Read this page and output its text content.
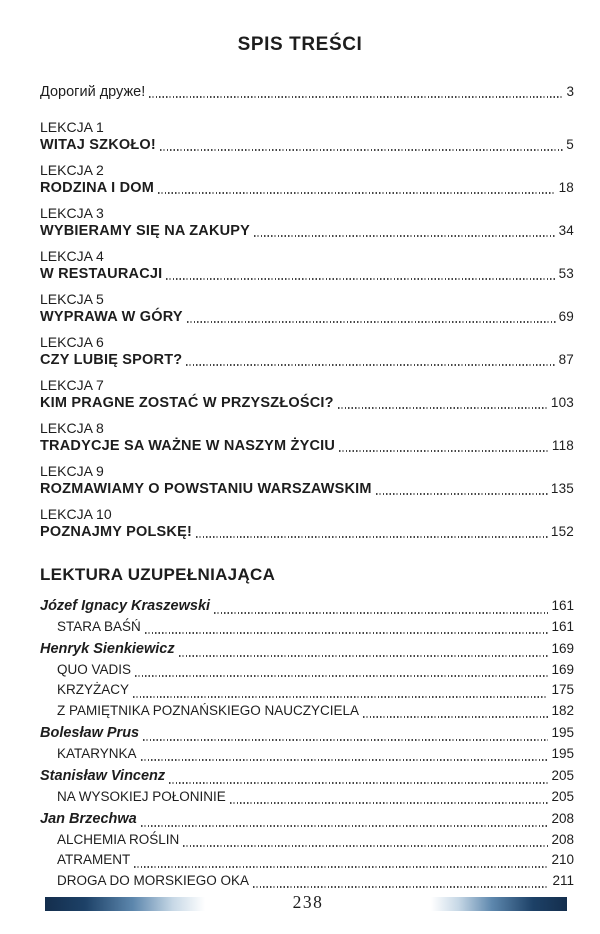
SPIS TREŚCI
Дорогий друже!	3
LEKCJA 1
WITAJ SZKOŁO!	5
LEKCJA 2
RODZINA I DOM	18
LEKCJA 3
WYBIERAMY SIĘ NA ZAKUPY	34
LEKCJA 4
W RESTAURACJI	53
LEKCJA 5
WYPRAWA W GÓRY	69
LEKCJA 6
CZY LUBIĘ SPORT?	87
LEKCJA 7
KIM PRAGNE ZOSTAĆ W PRZYSZŁOŚCI?	103
LEKCJA 8
TRADYCJE SA WAŻNE W NASZYM ŻYCIU	118
LEKCJA 9
ROZMAWIAMY O POWSTANIU WARSZAWSKIM	135
LEKCJA 10
POZNAJMY POLSKĘ!	152
LEKTURA UZUPEŁNIAJĄCA
Józef Ignacy Kraszewski	161
STARA BAŚŃ	161
Henryk Sienkiewicz	169
QUO VADIS	169
KRZYŻACY	175
Z PAMIĘTNIKA POZNAŃSKIEGO NAUCZYCIELA	182
Bolesław Prus	195
KATARYNKA	195
Stanisław Vincenz	205
NA WYSOKIEJ POŁONINIE	205
Jan Brzechwa	208
ALCHEMIA ROŚLIN	208
ATRAMENT	210
DROGA DO MORSKIEGO OKA	211
238
